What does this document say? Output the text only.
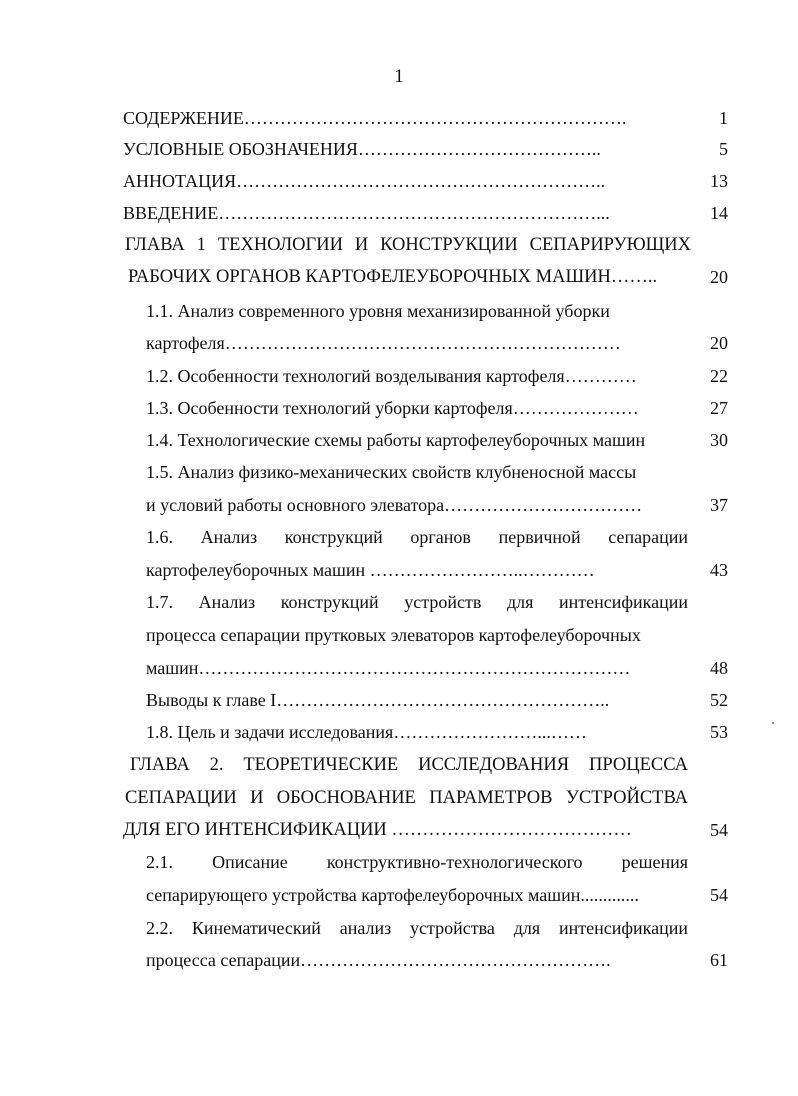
1
СОДЕРЖЕНИЕ……………………………………………………….	1
УСЛОВНЫЕ ОБОЗНАЧЕНИЯ…………………………………..	5
АННОТАЦИЯ……………………………………………………..	13
ВВЕДЕНИЕ………………………………………………………...	14
ГЛАВА 1 ТЕХНОЛОГИИ И КОНСТРУКЦИИ СЕПАРИРУЮЩИХ
РАБОЧИХ ОРГАНОВ КАРТОФЕЛЕУБОРОЧНЫХ МАШИН……..	20
1.1. Анализ современного уровня механизированной уборки
картофеля…………………………………………………………	20
1.2. Особенности технологий возделывания картофеля…………	22
1.3. Особенности технологий уборки картофеля…………………	27
1.4. Технологические схемы работы картофелеуборочных машин	30
1.5. Анализ физико-механических свойств клубненосной массы
и условий работы основного элеватора……………………………	37
1.6. Анализ конструкций органов первичной сепарации
картофелеуборочных машин ……………………..…………	43
1.7. Анализ конструкций устройств для интенсификации
процесса сепарации прутковых элеваторов картофелеуборочных
машин………………………………………………………………	48
Выводы к главе I………………………………………………..	52
1.8. Цель и задачи исследования……………………...……	53
ГЛАВА 2. ТЕОРЕТИЧЕСКИЕ ИССЛЕДОВАНИЯ ПРОЦЕССА
СЕПАРАЦИИ И ОБОСНОВАНИЕ ПАРАМЕТРОВ УСТРОЙСТВА
ДЛЯ ЕГО ИНТЕНСИФИКАЦИИ …………………………………	54
2.1. Описание конструктивно-технологического решения
сепарирующего устройства картофелеуборочных машин.............	54
2.2. Кинематический анализ устройства для интенсификации
процесса сепарации…………………………………………….	61
